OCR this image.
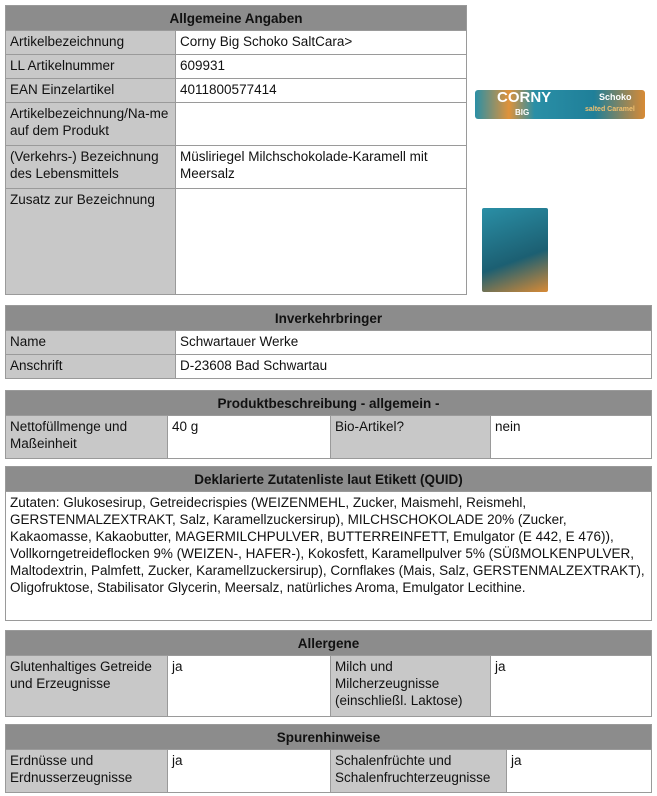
Allgemeine Angaben	
Artikelbezeichnung	Corny Big Schoko SaltCara>
LL Artikelnummer	609931
EAN Einzelartikel	4011800577414
Artikelbezeichnung/Na-me auf dem Produkt	
(Verkehrs-) Bezeichnung des Lebensmittels	Müsliriegel Milchschokolade-Karamell mit Meersalz
Zusatz zur Bezeichnung	
CORNY
BIG
Schoko
salted Caramel
Inverkehrbringer	
Name	Schwartauer Werke
Anschrift	D-23608 Bad Schwartau
Produktbeschreibung - allgemein -
Nettofüllmenge und Maßeinheit	40 g	Bio-Artikel?	nein
Deklarierte Zutatenliste laut Etikett (QUID)
Zutaten: Glukosesirup, Getreidecrispies (WEIZENMEHL, Zucker, Maismehl, Reismehl, GERSTENMALZEXTRAKT, Salz, Karamellzuckersirup), MILCHSCHOKOLADE 20% (Zucker, Kakaomasse, Kakaobutter, MAGERMILCHPULVER, BUTTERREINFETT, Emulgator (E 442, E 476)), Vollkorngetreideflocken 9% (WEIZEN-, HAFER-), Kokosfett, Karamellpulver 5% (SÜßMOLKENPULVER, Maltodextrin, Palmfett, Zucker, Karamellzuckersirup), Cornflakes (Mais, Salz, GERSTENMALZEXTRAKT), Oligofruktose, Stabilisator Glycerin, Meersalz, natürliches Aroma, Emulgator Lecithine.
Allergene
Glutenhaltiges Getreide und Erzeugnisse	ja	Milch und Milcherzeugnisse (einschließl. Laktose)	ja
Spurenhinweise
Erdnüsse und Erdnusserzeugnisse	ja	Schalenfrüchte und Schalenfruchterzeugnisse	ja
